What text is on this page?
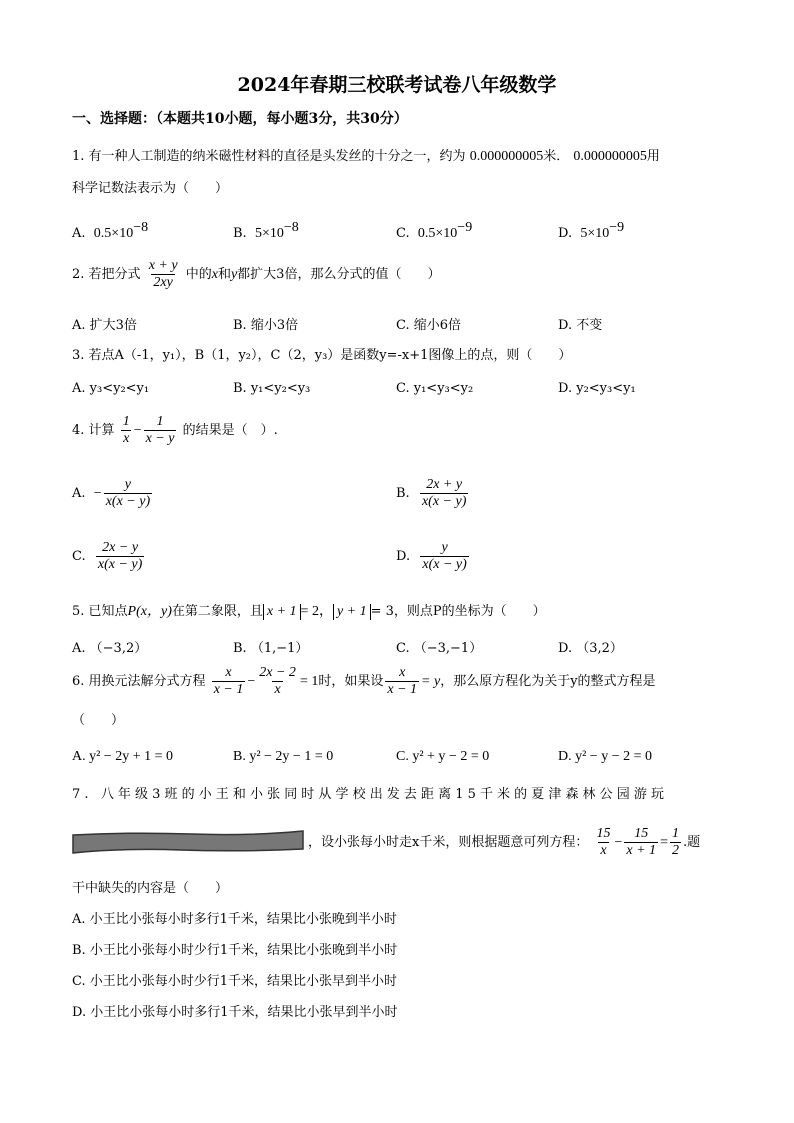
2024年春期三校联考试卷八年级数学
一、选择题：（本题共10小题，每小题3分，共30分）
1. 有一种人工制造的纳米磁性材料的直径是头发丝的十分之一，约为 0.000000005米． 0.000000005用
科学记数法表示为（　　）
A. $0.5\times 10^{-8}$	B. $5\times 10^{-8}$	C. $0.5\times 10^{-9}$	D. $5\times 10^{-9}$
2. 若把分式 $\frac{x + y}{2xy}$ 中的x和y都扩大3倍，那么分式的值（　　）
A. 扩大3倍	B. 缩小3倍	C. 缩小6倍	D. 不变
3. 若点A（-1，y₁），B（1，y₂），C（2，y₃）是函数y=-x+1图像上的点，则（　　）
A. y₃<y₂<y₁	B. y₁<y₂<y₃	C. y₁<y₃<y₂	D. y₂<y₃<y₁
4. 计算 $\frac{1}{x} - \frac{1}{x - y}$ 的结果是（　）.
A. − $\frac{y}{x(x - y)}$	B. $\frac{2x + y}{x(x - y)}$
C. $\frac{2x - y}{x(x - y)}$	D. $\frac{y}{x(x - y)}$
5. 已知点P(x，y)在第二象限，且 x + 1 = 2， y + 1 = 3，则点P的坐标为（　　）
A. （−3,2）	B. （1,−1）	C. （−3,−1）	D. （3,2）
6. 用换元法解分式方程 $\frac{x}{x - 1} - \frac{2x - 2}{x} = 1$时，如果设 $\frac{x}{x - 1} = y$，那么原方程化为关于y的整式方程是
（　　）
A. y² − 2y + 1 = 0	B. y² − 2y − 1 = 0	C. y² + y − 2 = 0	D. y² − y − 2 = 0
7. 八年级3班的小王和小张同时从学校出发去距离15千米的夏津森林公园游玩
，设小张每小时走x千米，则根据题意可列方程： $\frac{15}{x} - \frac{15}{x + 1} = \frac{1}{2}$ .题
干中缺失的内容是（　　）
A. 小王比小张每小时多行1千米，结果比小张晚到半小时
B. 小王比小张每小时少行1千米，结果比小张晚到半小时
C. 小王比小张每小时少行1千米，结果比小张早到半小时
D. 小王比小张每小时多行1千米，结果比小张早到半小时
